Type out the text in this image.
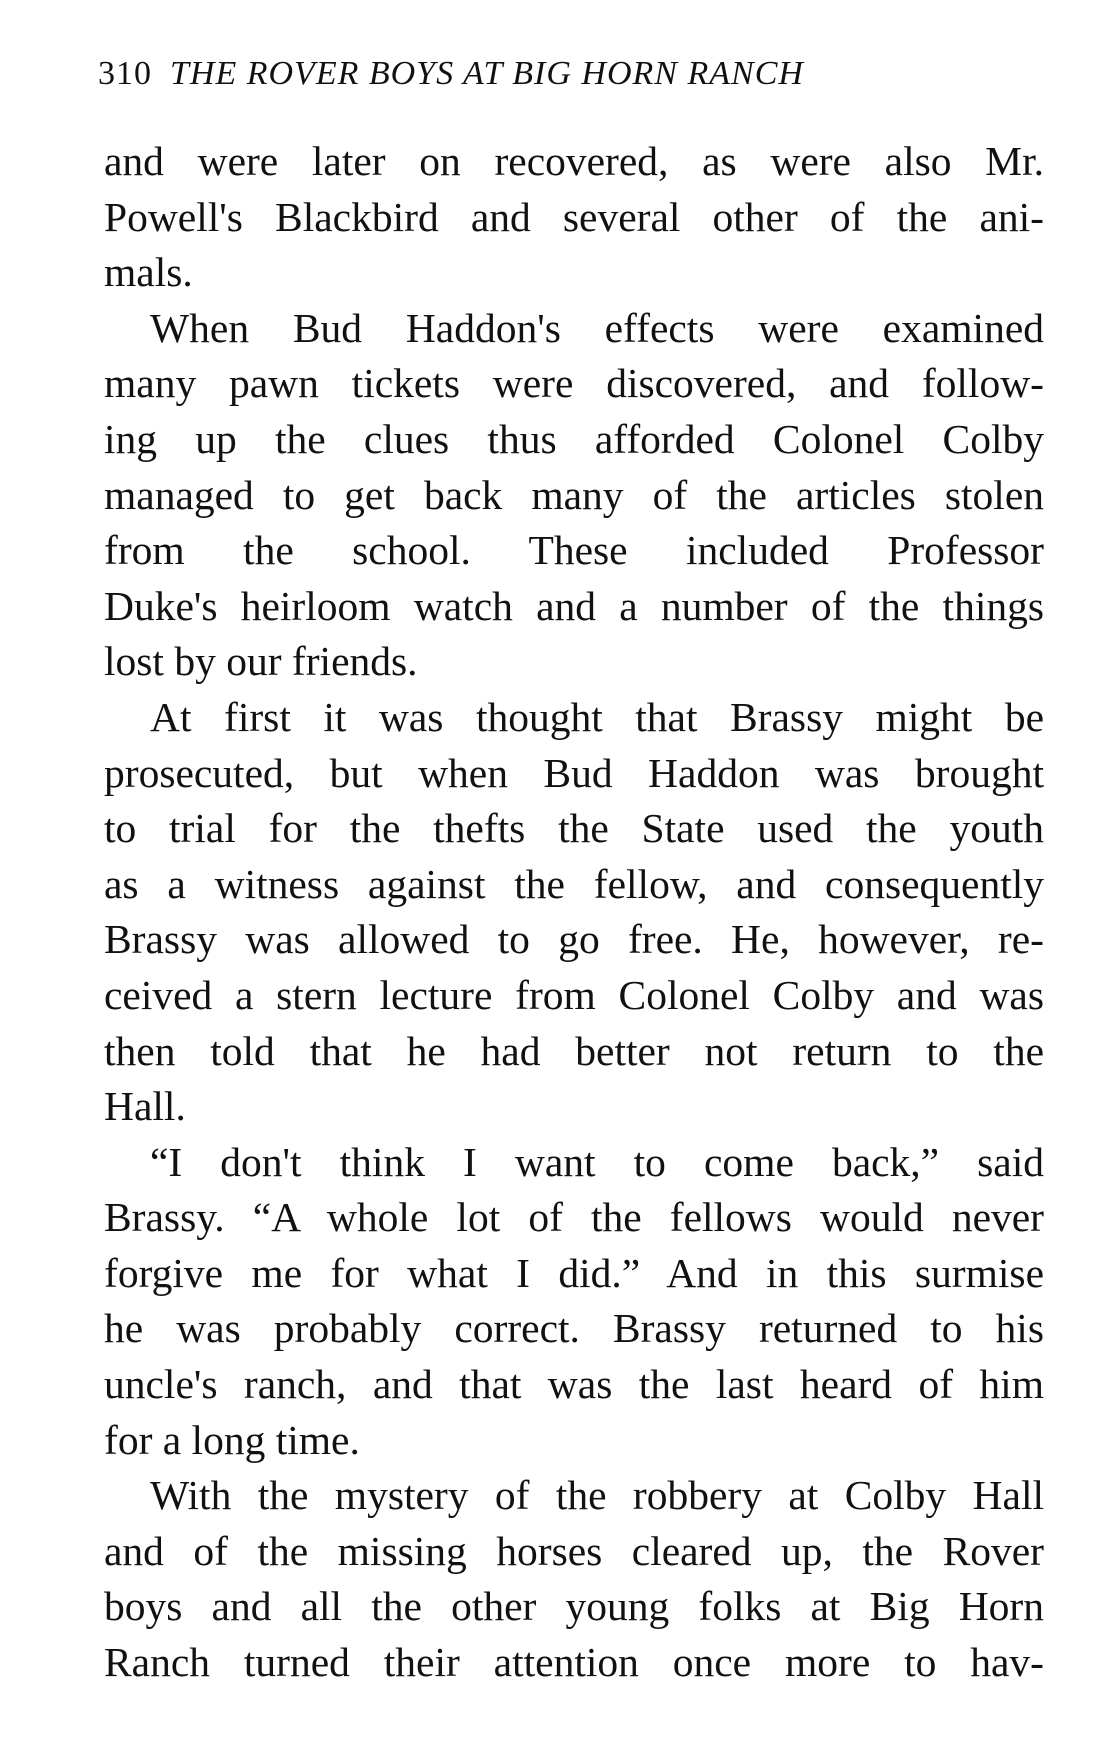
310 THE ROVER BOYS AT BIG HORN RANCH
and were later on recovered, as were also Mr.
Powell's Blackbird and several other of the ani-
mals.
When Bud Haddon's effects were examined
many pawn tickets were discovered, and follow-
ing up the clues thus afforded Colonel Colby
managed to get back many of the articles stolen
from the school. These included Professor
Duke's heirloom watch and a number of the things
lost by our friends.
At first it was thought that Brassy might be
prosecuted, but when Bud Haddon was brought
to trial for the thefts the State used the youth
as a witness against the fellow, and consequently
Brassy was allowed to go free. He, however, re-
ceived a stern lecture from Colonel Colby and was
then told that he had better not return to the
Hall.
“I don't think I want to come back,” said
Brassy. “A whole lot of the fellows would never
forgive me for what I did.” And in this surmise
he was probably correct. Brassy returned to his
uncle's ranch, and that was the last heard of him
for a long time.
With the mystery of the robbery at Colby Hall
and of the missing horses cleared up, the Rover
boys and all the other young folks at Big Horn
Ranch turned their attention once more to hav-
